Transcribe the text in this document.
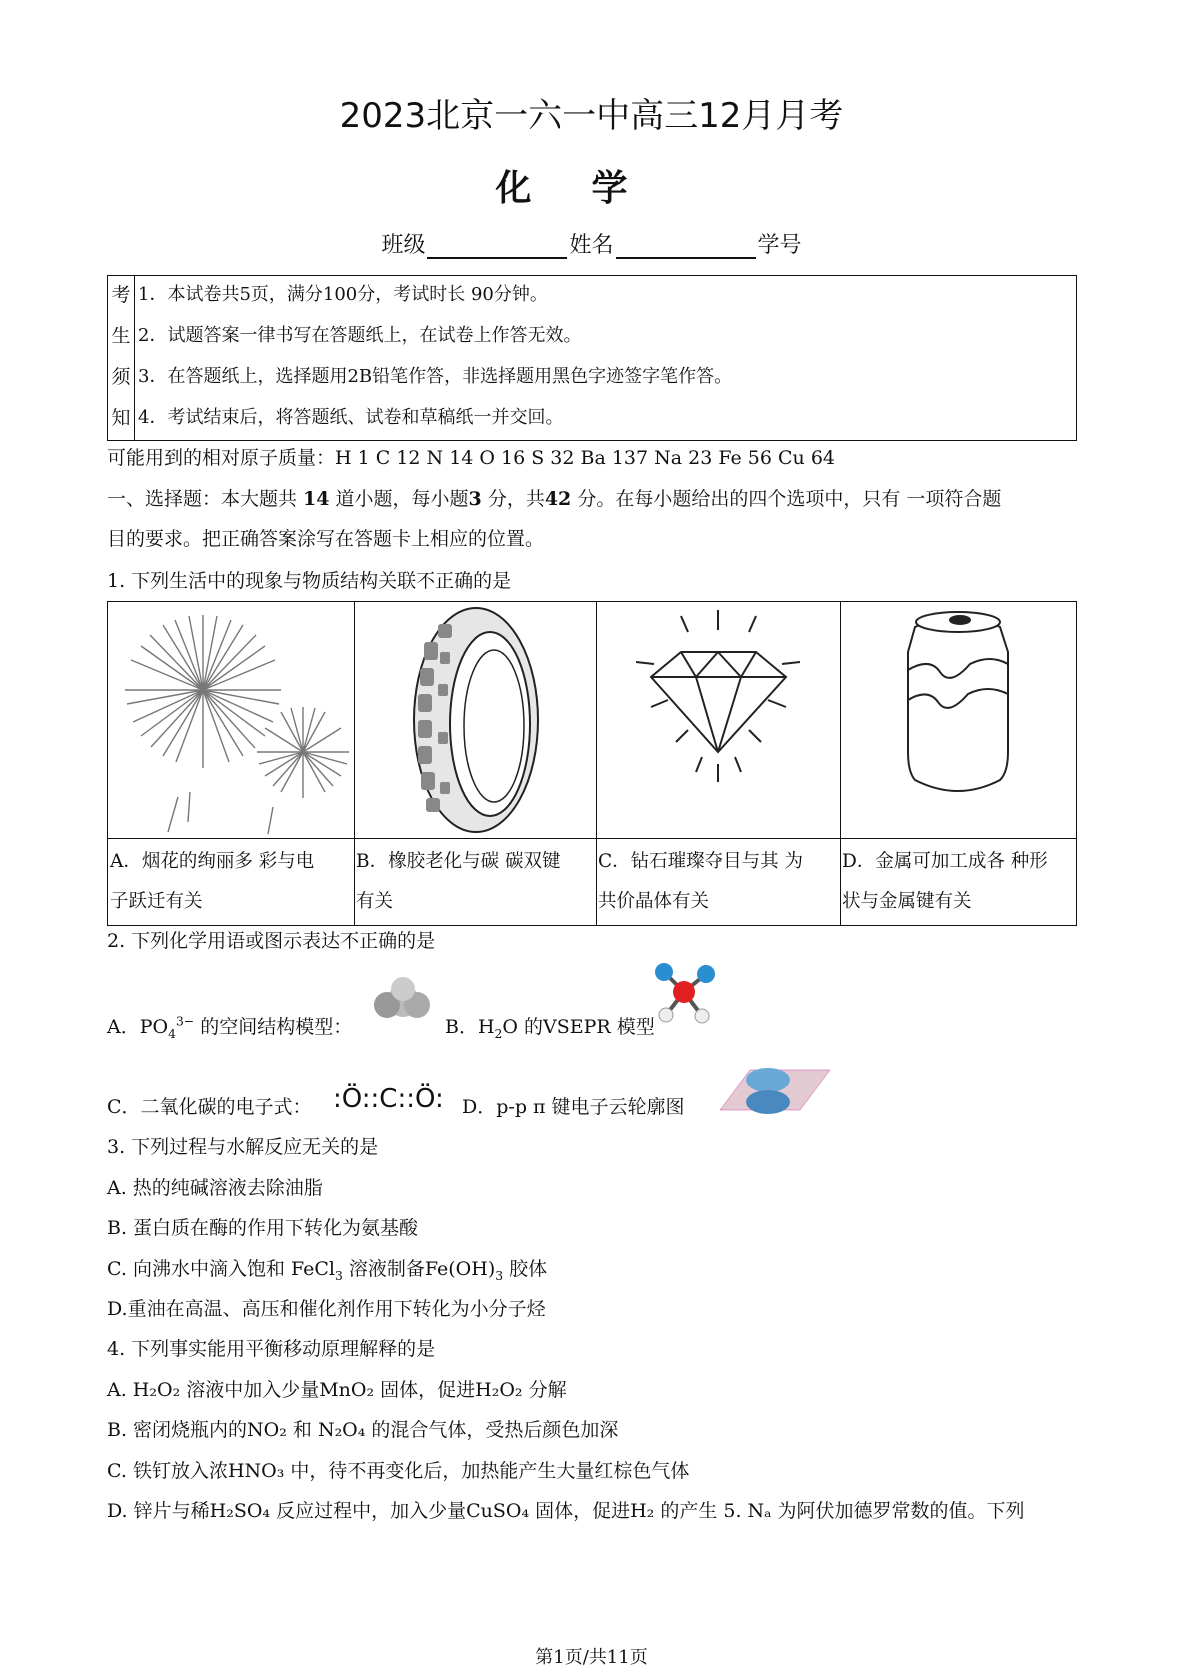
2023北京一六一中高三12月月考
化学
班级	姓名	学号
考
生
须
知
1．本试卷共5页，满分100分，考试时长 90分钟。
2．试题答案一律书写在答题纸上，在试卷上作答无效。
3．在答题纸上，选择题用2B铅笔作答，非选择题用黑色字迹签字笔作答。
4．考试结束后，将答题纸、试卷和草稿纸一并交回。
可能用到的相对原子质量：H 1 C 12 N 14 O 16 S 32 Ba 137 Na 23 Fe 56 Cu 64
一、选择题：本大题共 14 道小题，每小题3 分，共42 分。在每小题给出的四个选项中，只有 一项符合题
目的要求。把正确答案涂写在答题卡上相应的位置。
1. 下列生活中的现象与物质结构关联不正确的是
A．烟花的绚丽多 彩与电
子跃迁有关
B．橡胶老化与碳 碳双键
有关
C．钻石璀璨夺目与其 为
共价晶体有关
D．金属可加工成各 种形
状与金属键有关
2. 下列化学用语或图示表达不正确的是
A．$PO_4^{3-}$ 的空间结构模型：	B．$H_2O$ 的VSEPR 模型
C．二氧化碳的电子式： :Ö::C::Ö: D．p-p π 键电子云轮廓图
3. 下列过程与水解反应无关的是
A. 热的纯碱溶液去除油脂
B. 蛋白质在酶的作用下转化为氨基酸
C. 向沸水中滴入饱和 FeCl$_3$ 溶液制备$Fe(OH)_3$ 胶体
D.重油在高温、高压和催化剂作用下转化为小分子烃
4. 下列事实能用平衡移动原理解释的是
A. H₂O₂ 溶液中加入少量MnO₂ 固体，促进H₂O₂ 分解
B. 密闭烧瓶内的NO₂ 和 N₂O₄ 的混合气体，受热后颜色加深
C. 铁钉放入浓HNO₃ 中，待不再变化后，加热能产生大量红棕色气体
D. 锌片与稀H₂SO₄ 反应过程中，加入少量CuSO₄ 固体，促进H₂ 的产生 5. Nₐ 为阿伏加德罗常数的值。下列
第1页/共11页
